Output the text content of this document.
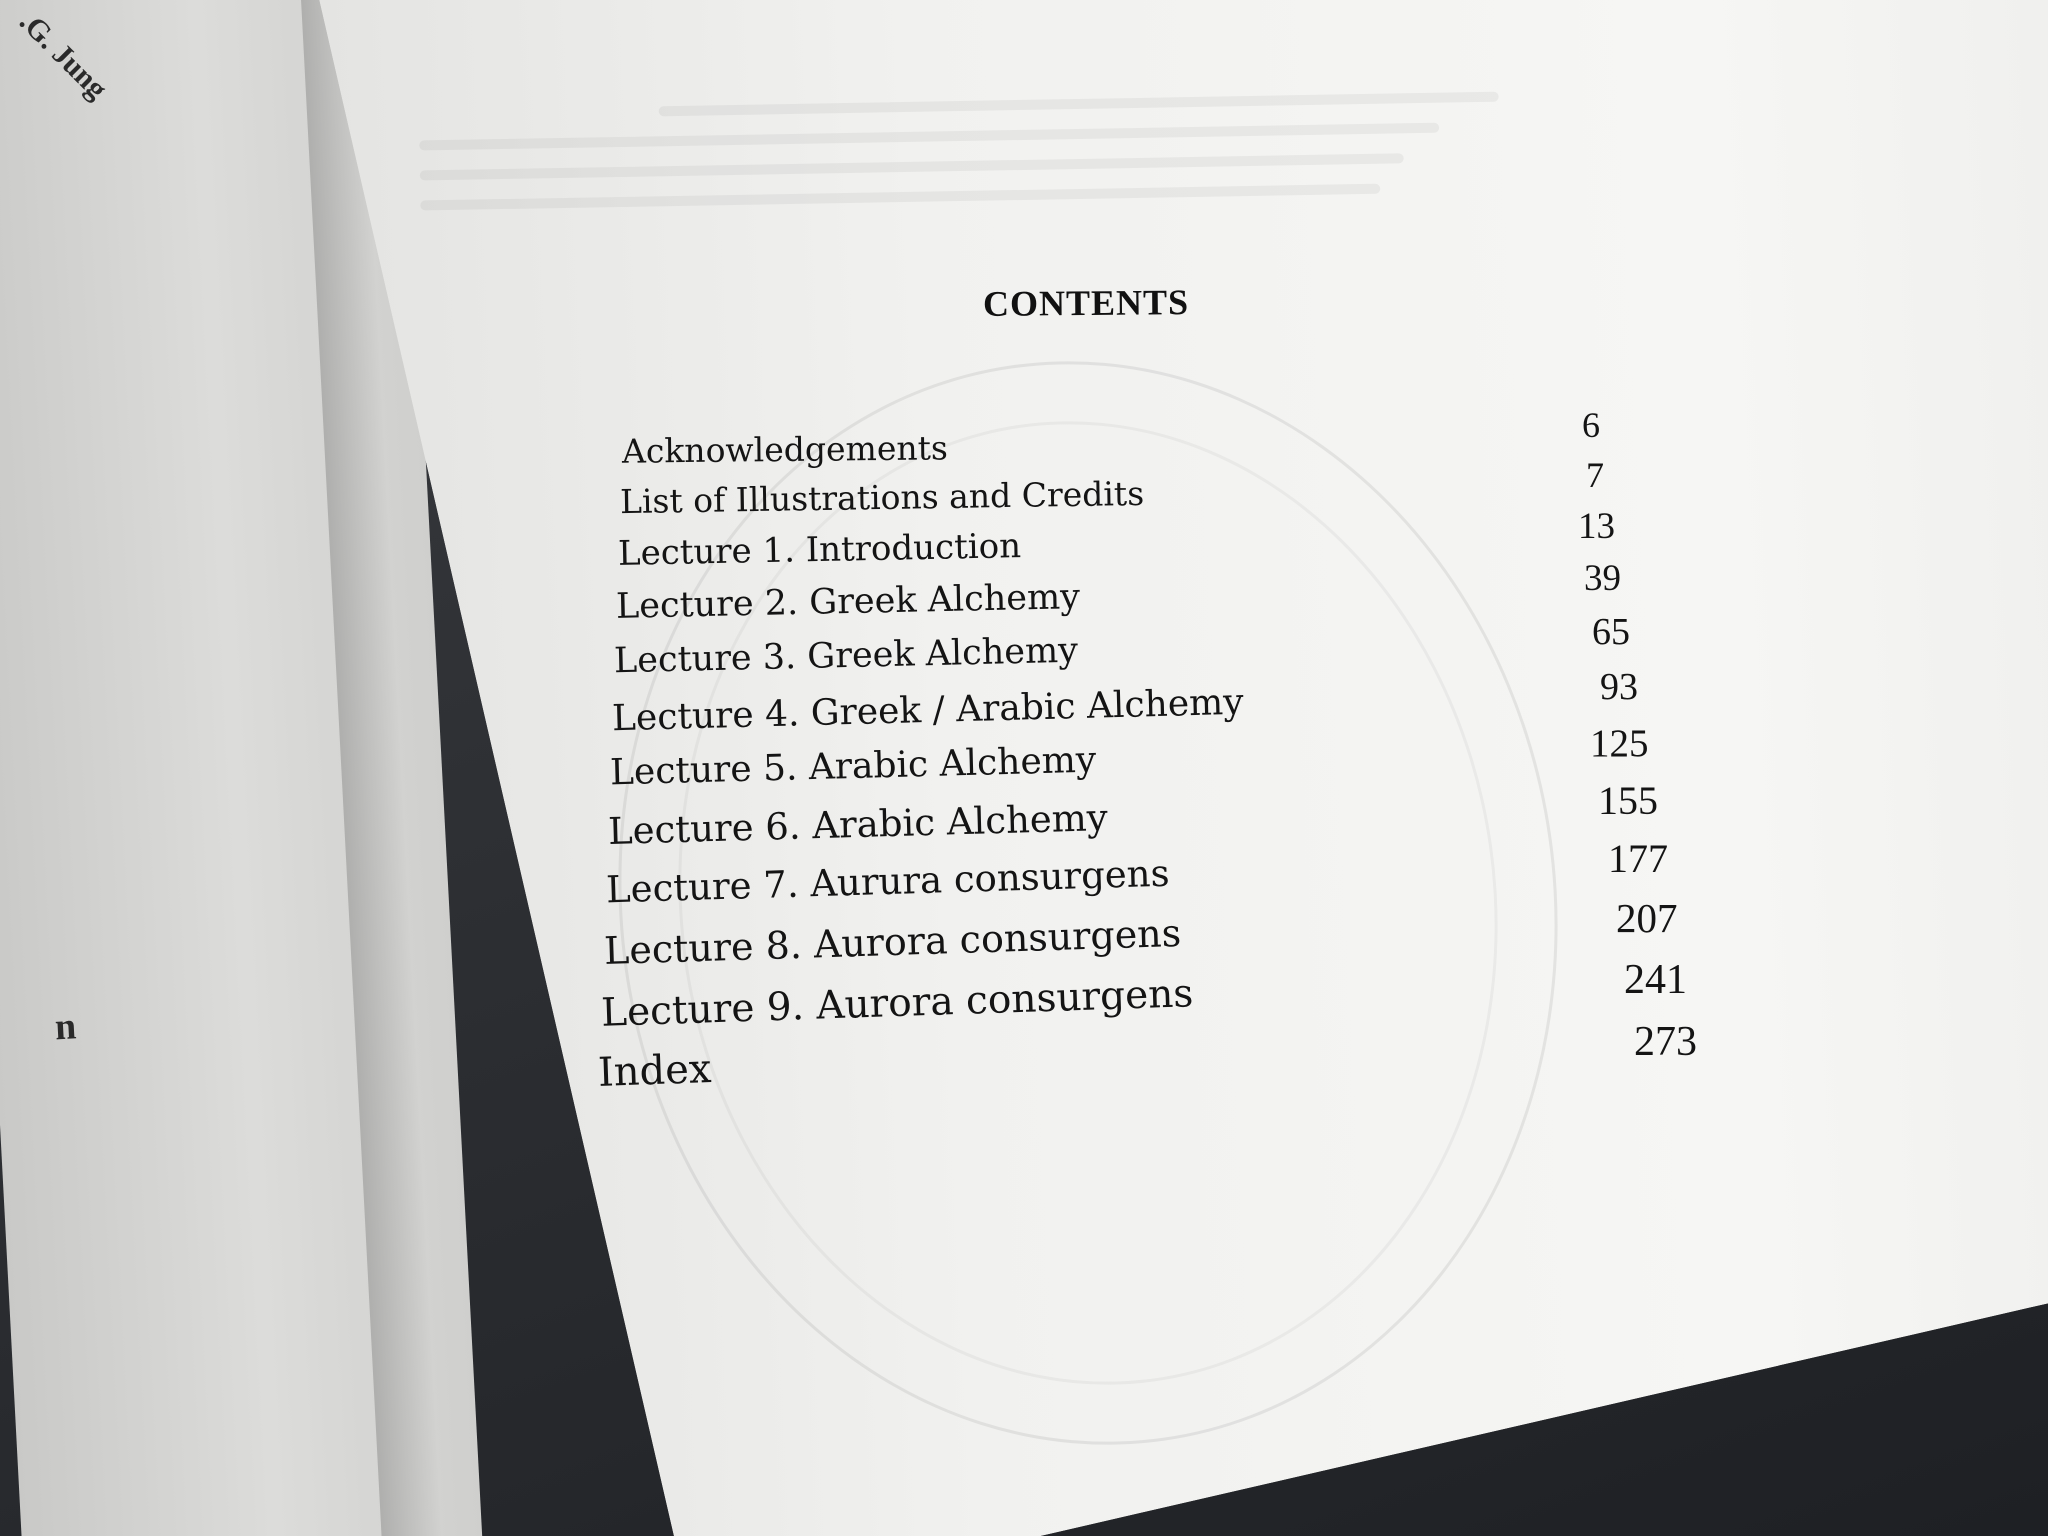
.G. Jung
n
CONTENTS
Acknowledgements
List of Illustrations and Credits
Lecture 1. Introduction
Lecture 2. Greek Alchemy
Lecture 3. Greek Alchemy
Lecture 4. Greek / Arabic Alchemy
Lecture 5. Arabic Alchemy
Lecture 6. Arabic Alchemy
Lecture 7. Aurura consurgens
Lecture 8. Aurora consurgens
Lecture 9. Aurora consurgens
Index
6
7
13
39
65
93
125
155
177
207
241
273
